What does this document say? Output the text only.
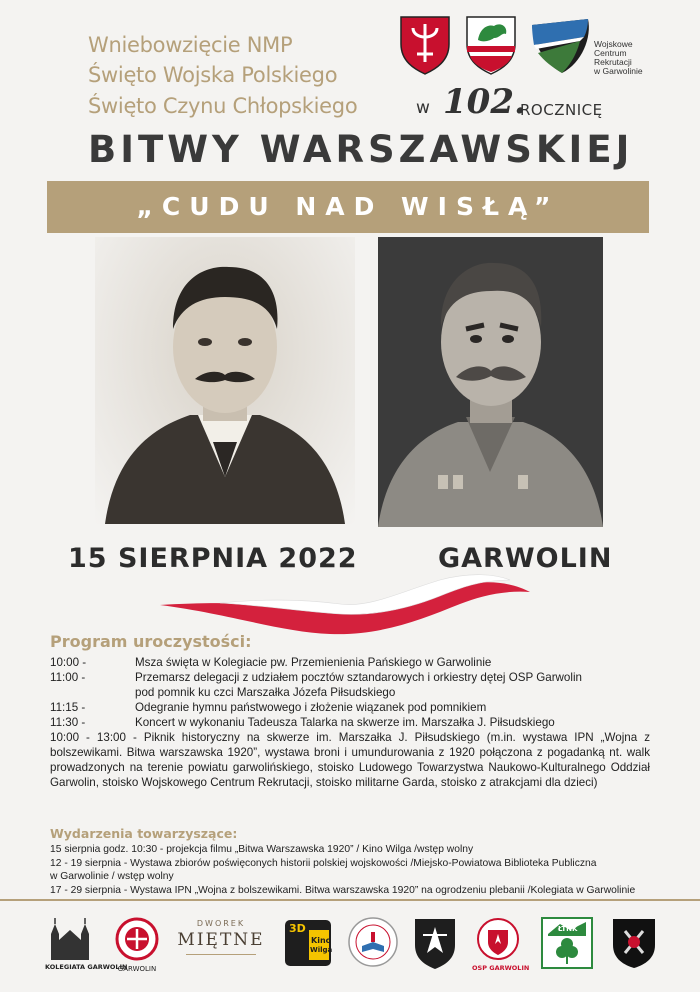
Wniebowzięcie NMP
Święto Wojska Polskiego
Święto Czynu Chłopskiego	w 102.
ROCZNICĘ
BITWY WARSZAWSKIEJ
„CUDU NAD WISŁĄ”
Wojskowe
Centrum
Rekrutacji
w Garwolinie
15 SIERPNIA 2022	GARWOLIN
Program uroczystości:
10:00 -	Msza święta w Kolegiacie pw. Przemienienia Pańskiego w Garwolinie
11:00 -	Przemarsz delegacji z udziałem pocztów sztandarowych i orkiestry dętej OSP Garwolin
pod pomnik ku czci Marszałka Józefa Piłsudskiego
11:15 -	Odegranie hymnu państwowego i złożenie wiązanek pod pomnikiem
11:30 -	Koncert w wykonaniu Tadeusza Talarka na skwerze im. Marszałka J. Piłsudskiego
10:00 - 13:00 - Piknik historyczny na skwerze im. Marszałka J. Piłsudskiego (m.in. wystawa IPN „Wojna z bolszewikami. Bitwa warszawska 1920”, wystawa broni i umundurowania z 1920 połączona z pogadanką nt. walk prowadzonych na terenie powiatu garwolińskiego, stoisko Ludowego Towarzystwa Naukowo-Kulturalnego Oddział Garwolin, stoisko Wojskowego Centrum Rekrutacji, stoisko militarne Garda, stoisko z atrakcjami dla dzieci)
Wydarzenia towarzyszące:
15 sierpnia godz. 10:30 - projekcja filmu „Bitwa Warszawska 1920” / Kino Wilga /wstęp wolny
12 - 19 sierpnia - Wystawa zbiorów poświęconych historii polskiej wojskowości /Miejsko-Powiatowa Biblioteka Publiczna
w Garwolinie / wstęp wolny
17 - 29 sierpnia - Wystawa IPN „Wojna z bolszewikami. Bitwa warszawska 1920” na ogrodzeniu plebanii /Kolegiata w Garwolinie
KOLEGIATA GARWOLIN
GARWOLIN
DWOREK
MIĘTNE
3D
Kino
Wilga
OSP GARWOLIN
ŁTNK
